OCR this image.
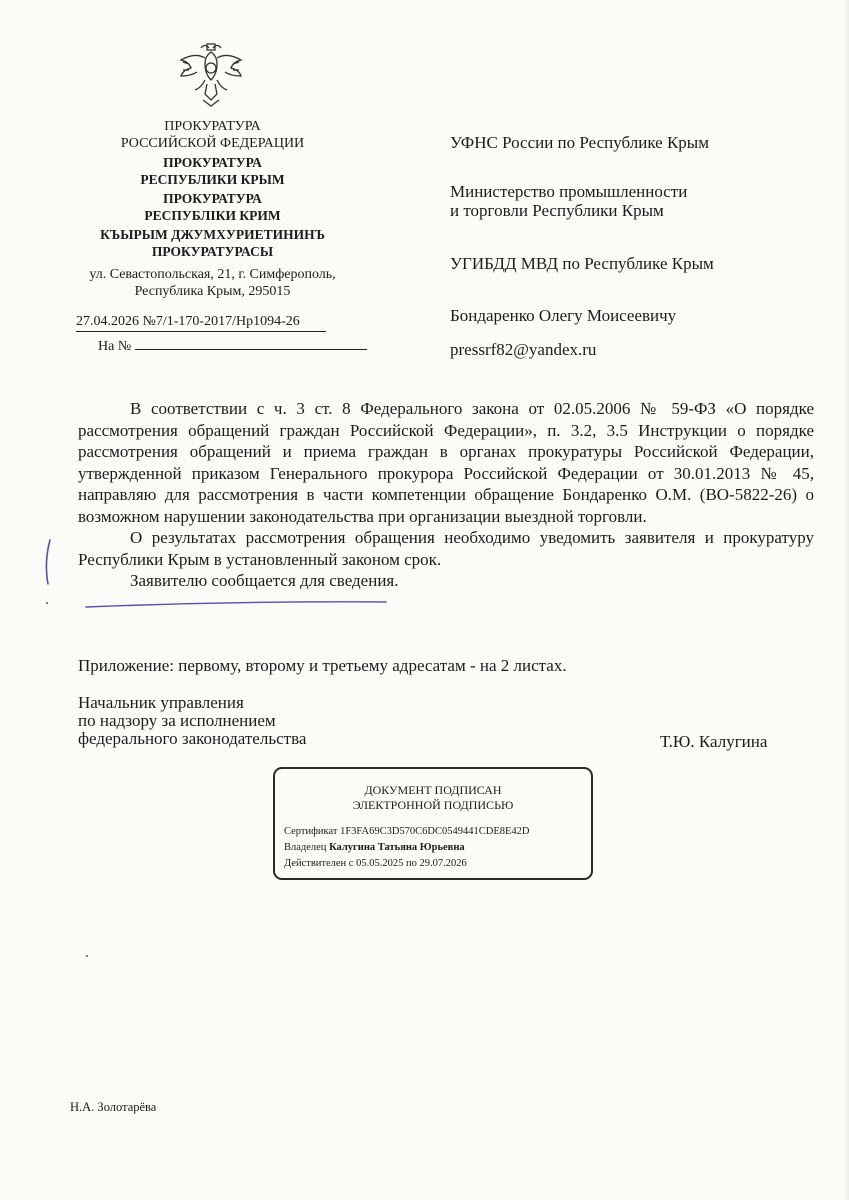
ПРОКУРАТУРА
РОССИЙСКОЙ ФЕДЕРАЦИИ
ПРОКУРАТУРА
РЕСПУБЛИКИ КРЫМ
ПРОКУРАТУРА
РЕСПУБЛIКИ КРИМ
КЪЫРЫМ ДЖУМХУРИЕТИНИНЪ
ПРОКУРАТУРАСЫ
ул. Севастопольская, 21, г. Симферополь,
Республика Крым, 295015
27.04.2026 №7/1-170-2017/Нр1094-26
На №
УФНС России по Республике Крым
Министерство промышленности
и торговли Республики Крым
УГИБДД МВД по Республике Крым
Бондаренко Олегу Моисеевичу
pressrf82@yandex.ru

В соответствии с ч. 3 ст. 8 Федерального закона от 02.05.2006 № 59-ФЗ «О порядке рассмотрения обращений граждан Российской Федерации», п. 3.2, 3.5 Инструкции о порядке рассмотрения обращений и приема граждан в органах прокуратуры Российской Федерации, утвержденной приказом Генерального прокурора Российской Федерации от 30.01.2013 № 45, направляю для рассмотрения в части компетенции обращение Бондаренко О.М. (ВО-5822-26) о возможном нарушении законодательства при организации выездной торговли.

О результатах рассмотрения обращения необходимо уведомить заявителя и прокуратуру Республики Крым в установленный законом срок.

Заявителю сообщается для сведения.

Приложение: первому, второму и третьему адресатам - на 2 листах.
Начальник управления
по надзору за исполнением
федерального законодательства	Т.Ю. Калугина
ДОКУМЕНТ ПОДПИСАН
ЭЛЕКТРОННОЙ ПОДПИСЬЮ
Сертификат 1F3FA69C3D570C6DC0549441CDE8E42D
Владелец Калугина Татьяна Юрьевна
Действителен с 05.05.2025 по 29.07.2026
Н.А. Золотарёва
